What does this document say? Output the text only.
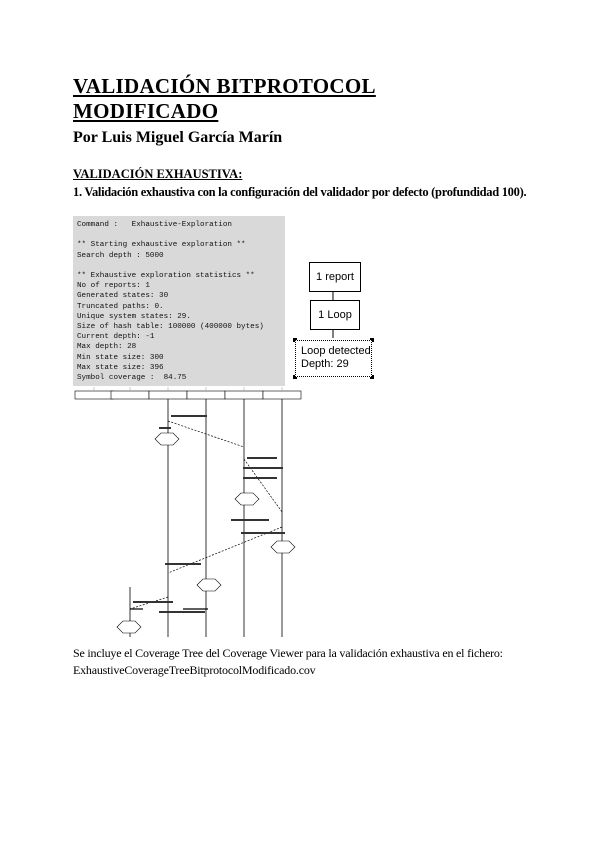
VALIDACIÓN BITPROTOCOL
MODIFICADO
Por Luis Miguel García Marín
VALIDACIÓN EXHAUSTIVA:
1. Validación exhaustiva con la configuración del validador por defecto (profundidad 100).
Command :   Exhaustive-Exploration

** Starting exhaustive exploration **
Search depth : 5000

** Exhaustive exploration statistics **
No of reports: 1
Generated states: 30
Truncated paths: 0.
Unique system states: 29.
Size of hash table: 100000 (400000 bytes)
Current depth: -1
Max depth: 28
Min state size: 300
Max state size: 396
Symbol coverage :  84.75
1 report
1 Loop
Loop detected
Depth: 29
Se incluye el Coverage Tree del Coverage Viewer para la validación exhaustiva en el fichero: ExhaustiveCoverageTreeBitprotocolModificado.cov
